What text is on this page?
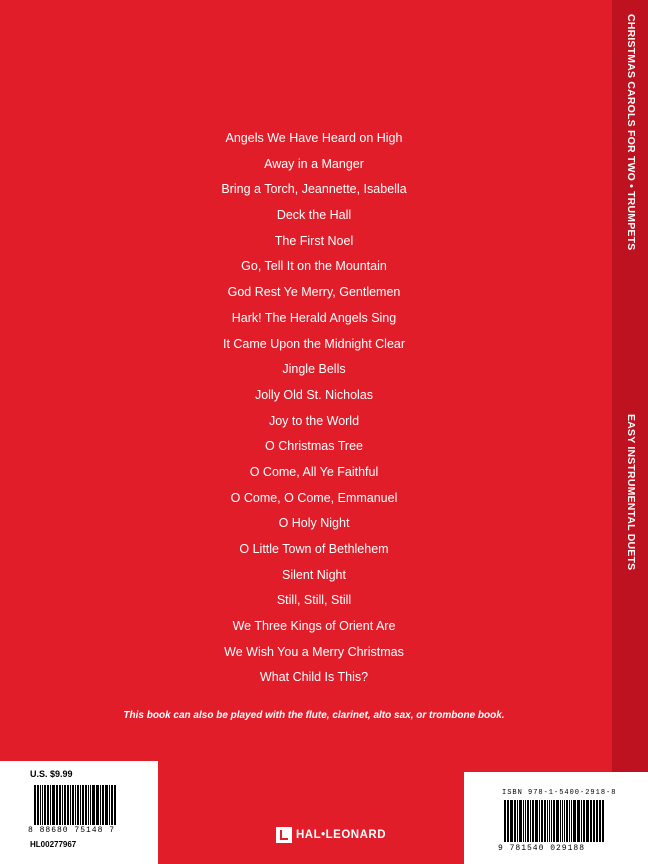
CHRISTMAS CAROLS FOR TWO • TRUMPETS
EASY INSTRUMENTAL DUETS
Angels We Have Heard on High
Away in a Manger
Bring a Torch, Jeannette, Isabella
Deck the Hall
The First Noel
Go, Tell It on the Mountain
God Rest Ye Merry, Gentlemen
Hark! The Herald Angels Sing
It Came Upon the Midnight Clear
Jingle Bells
Jolly Old St. Nicholas
Joy to the World
O Christmas Tree
O Come, All Ye Faithful
O Come, O Come, Emmanuel
O Holy Night
O Little Town of Bethlehem
Silent Night
Still, Still, Still
We Three Kings of Orient Are
We Wish You a Merry Christmas
What Child Is This?
This book can also be played with the flute, clarinet, alto sax, or trombone book.
U.S. $9.99
8 88680 75148 7
HL00277967
ISBN 978-1-5400-2918-8
9 781540 029188
HAL•LEONARD
